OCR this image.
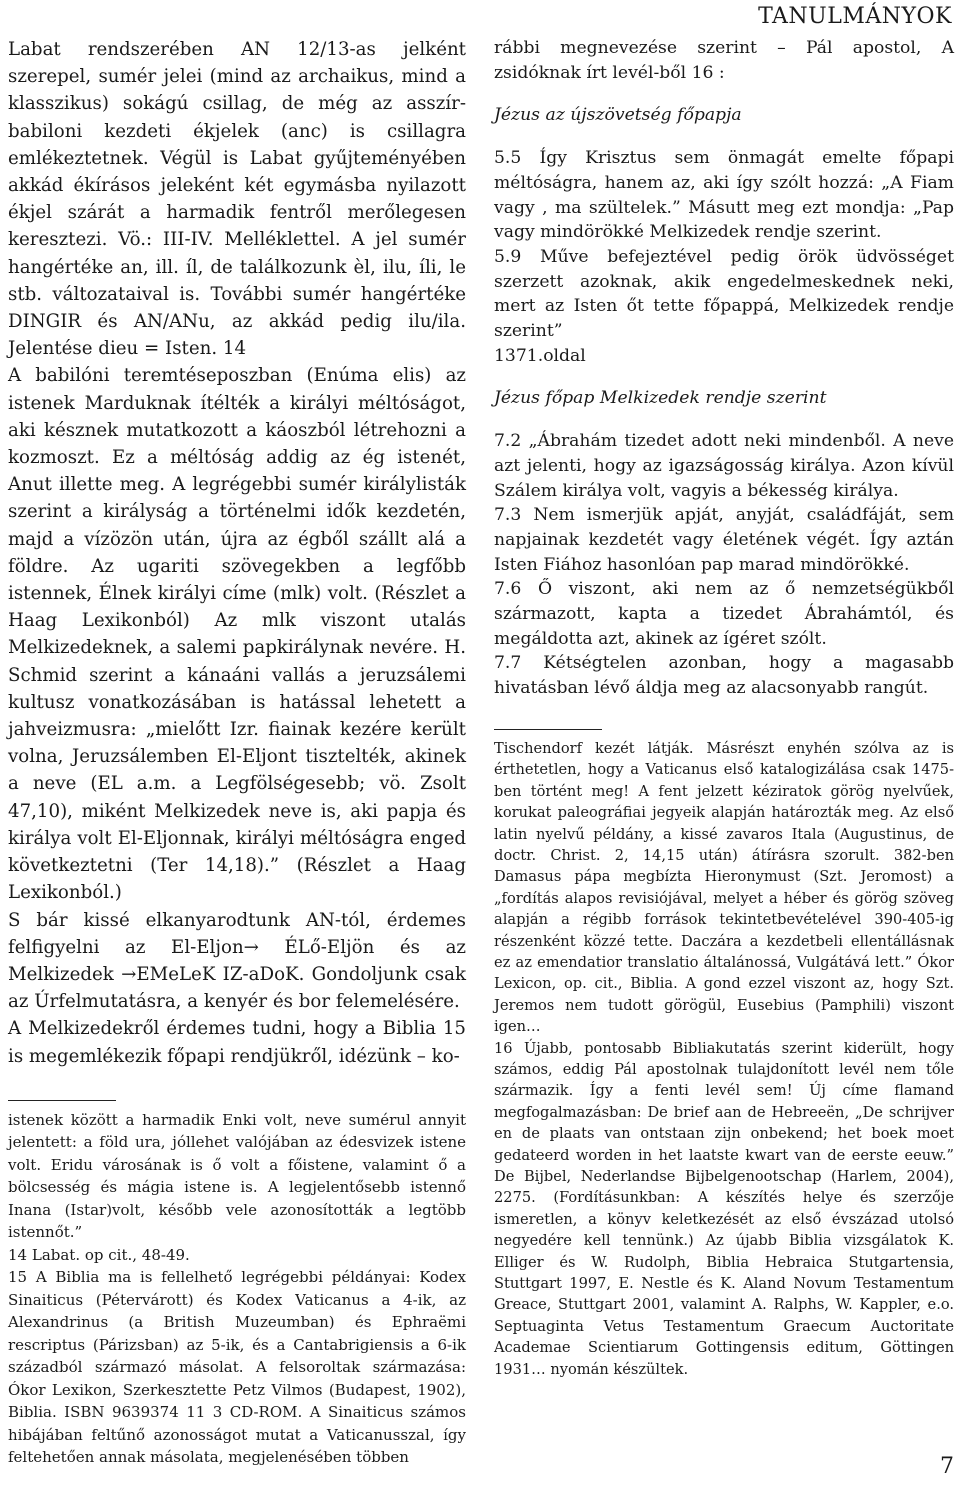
TANULMÁNYOK

Labat rendszerében AN 12/13-as jelként szerepel, sumér jelei (mind az archaikus, mind a klasszikus) sokágú csillag, de még az asszír-babiloni kezdeti ékjelek (anc) is csillagra emlékeztetnek. Végül is Labat gyűjteményében akkád ékírásos jeleként két egymásba nyilazott ékjel szárát a harmadik fentről merőlegesen keresztezi. Vö.: III-IV. Melléklettel. A jel sumér hangértéke an, ill. íl, de találkozunk èl, ilu, íli, le stb. változataival is. További sumér hangértéke DINGIR és AN/ANu, az akkád pedig ilu/ila. Jelentése dieu = Isten. 14

A babilóni teremtéseposzban (Enúma elis) az istenek Marduknak ítélték a királyi méltóságot, aki késznek mutatkozott a káoszból létrehozni a kozmoszt. Ez a méltóság addig az ég istenét, Anut illette meg. A legrégebbi sumér királylisták szerint a királyság a történelmi idők kezdetén, majd a vízözön után, újra az égből szállt alá a földre. Az ugariti szövegekben a legfőbb istennek, Élnek királyi címe (mlk) volt. (Részlet a Haag Lexikonból) Az mlk viszont utalás Melkizedeknek, a salemi papkirálynak nevére. H. Schmid szerint a kánaáni vallás a jeruzsálemi kultusz vonatkozásában is hatással lehetett a jahveizmusra: „mielőtt Izr. fiainak kezére került volna, Jeruzsálemben El-Eljont tisztelték, akinek a neve (EL a.m. a Legfölségesebb; vö. Zsolt 47,10), miként Melkizedek neve is, aki papja és királya volt El-Eljonnak, királyi méltóságra enged következtetni (Ter 14,18).” (Részlet a Haag Lexikonból.)

S bár kissé elkanyarodtunk AN-tól, érdemes felfigyelni az El-Eljon→ ÉLő-Eljön és az Melkizedek →EMeLeK IZ-aDoK. Gondoljunk csak az Úrfelmutatásra, a kenyér és bor felemelésére.

A Melkizedekről érdemes tudni, hogy a Biblia 15 is megemlékezik főpapi rendjükről, idézünk – ko-

istenek között a harmadik Enki volt, neve sumérul annyit jelentett: a föld ura, jóllehet valójában az édesvizek istene volt. Eridu városának is ő volt a főistene, valamint ő a bölcsesség és mágia istene is. A legjelentősebb istennő Inana (Istar)volt, később vele azonosították a legtöbb istennőt.”

14 Labat. op cit., 48-49.

15 A Biblia ma is fellelhető legrégebbi példányai: Kodex Sinaiticus (Pétervárott) és Kodex Vaticanus a 4-ik, az Alexandrinus (a British Muzeumban) és Ephraëmi rescriptus (Párizsban) az 5-ik, és a Cantabrigiensis a 6-ik századból származó másolat. A felsoroltak származása: Ókor Lexikon, Szerkesztette Petz Vilmos (Budapest, 1902), Biblia. ISBN 9639374 11 3 CD-ROM. A Sinaiticus számos hibájában feltűnő azonosságot mutat a Vaticanusszal, így feltehetően annak másolata, megjelenésében többen

rábbi megnevezése szerint – Pál apostol, A zsidóknak írt levél-ből 16 :

Jézus az újszövetség főpapja

5.5 Így Krisztus sem önmagát emelte főpapi méltóságra, hanem az, aki így szólt hozzá: „A Fiam vagy , ma szültelek.” Másutt meg ezt mondja: „Pap vagy mindörökké Melkizedek rendje szerint.

5.9 Műve befejeztével pedig örök üdvösséget szerzett azoknak, akik engedelmeskednek neki, mert az Isten őt tette főpappá, Melkizedek rendje szerint”

1371.oldal

Jézus főpap Melkizedek rendje szerint

7.2 „Ábrahám tizedet adott neki mindenből. A neve azt jelenti, hogy az igazságosság királya. Azon kívül Szálem királya volt, vagyis a békesség királya.

7.3 Nem ismerjük apját, anyját, családfáját, sem napjainak kezdetét vagy életének végét. Így aztán Isten Fiához hasonlóan pap marad mindörökké.

7.6 Ő viszont, aki nem az ő nemzetségükből származott, kapta a tizedet Ábrahámtól, és megáldotta azt, akinek az ígéret szólt.

7.7 Kétségtelen azonban, hogy a magasabb hivatásban lévő áldja meg az alacsonyabb rangút.

Tischendorf kezét látják. Másrészt enyhén szólva az is érthetetlen, hogy a Vaticanus első katalogizálása csak 1475-ben történt meg! A fent jelzett kéziratok görög nyelvűek, korukat paleográfiai jegyeik alapján határozták meg. Az első latin nyelvű példány, a kissé zavaros Itala (Augustinus, de doctr. Christ. 2, 14,15 után) átírásra szorult. 382-ben Damasus pápa megbízta Hieronymust (Szt. Jeromost) a „fordítás alapos revisiójával, melyet a héber és görög szöveg alapján a régibb források tekintetbevételével 390-405-ig részenként közzé tette. Daczára a kezdetbeli ellentállásnak ez az emendatior translatio általánossá, Vulgátává lett.” Ókor Lexicon, op. cit., Biblia. A gond ezzel viszont az, hogy Szt. Jeremos nem tudott görögül, Eusebius (Pamphili) viszont igen…

16 Újabb, pontosabb Bibliakutatás szerint kiderült, hogy számos, eddig Pál apostolnak tulajdonított levél nem tőle származik. Így a fenti levél sem! Új címe flamand megfogalmazásban: De brief aan de Hebreeën, „De schrijver en de plaats van ontstaan zijn onbekend; het boek moet gedateerd worden in het laatste kwart van de eerste eeuw.” De Bijbel, Nederlandse Bijbelgenootschap (Harlem, 2004), 2275. (Fordításunkban: A készítés helye és szerzője ismeretlen, a könyv keletkezését az első évszázad utolsó negyedére kell tennünk.) Az újabb Biblia vizsgálatok K. Elliger és W. Rudolph, Biblia Hebraica Stutgartensia, Stuttgart 1997, E. Nestle és K. Aland Novum Testamentum Greace, Stuttgart 2001, valamint A. Ralphs, W. Kappler, e.o. Septuaginta Vetus Testamentum Graecum Auctoritate Academae Scientiarum Gottingensis editum, Göttingen 1931… nyomán készültek.

7
